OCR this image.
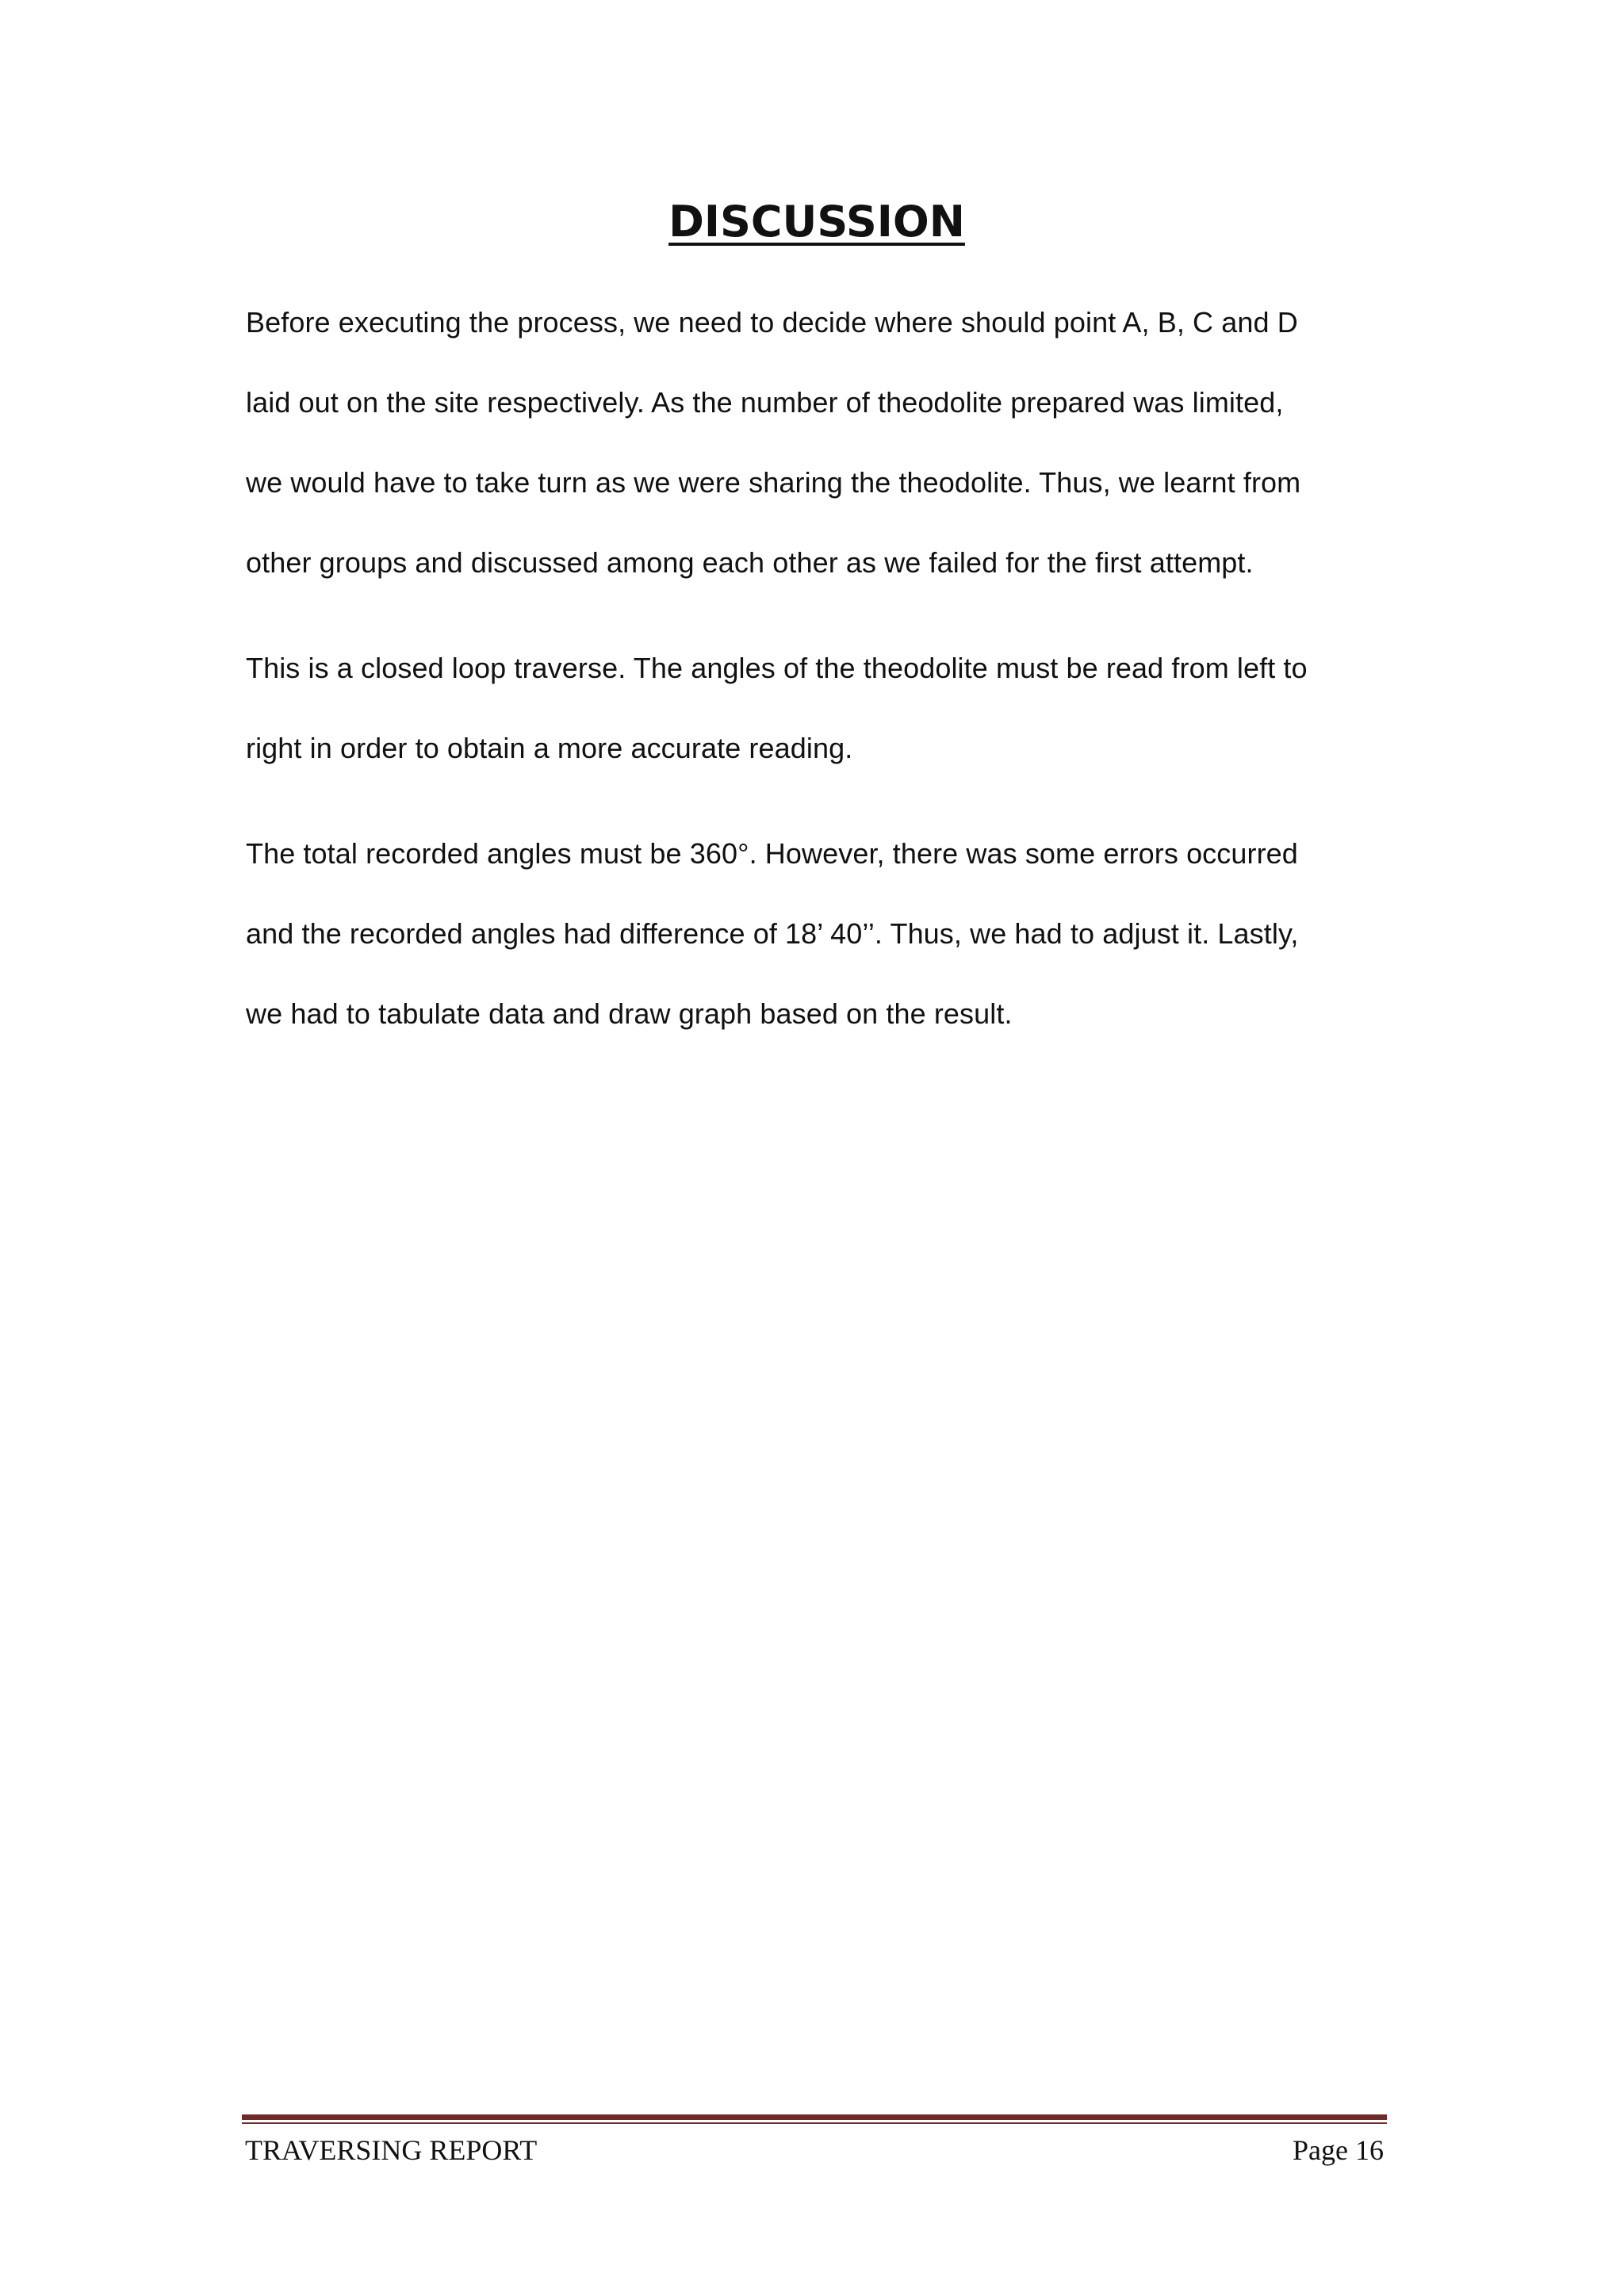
DISCUSSION

Before executing the process, we need to decide where should point A, B, C and D
laid out on the site respectively. As the number of theodolite prepared was limited,
we would have to take turn as we were sharing the theodolite. Thus, we learnt from
other groups and discussed among each other as we failed for the first attempt.

This is a closed loop traverse. The angles of the theodolite must be read from left to
right in order to obtain a more accurate reading.

The total recorded angles must be 360°. However, there was some errors occurred
and the recorded angles had difference of 18’ 40’’. Thus, we had to adjust it. Lastly,
we had to tabulate data and draw graph based on the result.

TRAVERSING REPORT	Page 16
